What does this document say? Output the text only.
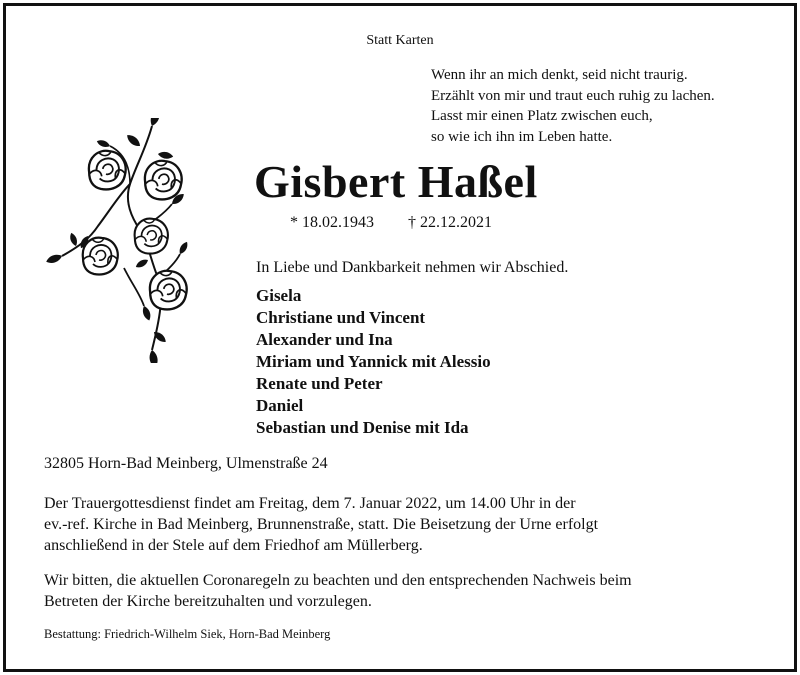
Statt Karten
Wenn ihr an mich denkt, seid nicht traurig.
Erzählt von mir und traut euch ruhig zu lachen.
Lasst mir einen Platz zwischen euch,
so wie ich ihn im Leben hatte.
Gisbert Haßel
* 18.02.1943 † 22.12.2021
In Liebe und Dankbarkeit nehmen wir Abschied.
Gisela
Christiane und Vincent
Alexander und Ina
Miriam und Yannick mit Alessio
Renate und Peter
Daniel
Sebastian und Denise mit Ida
32805 Horn-Bad Meinberg, Ulmenstraße 24
Der Trauergottesdienst findet am Freitag, dem 7. Januar 2022, um 14.00 Uhr in der
ev.-ref. Kirche in Bad Meinberg, Brunnenstraße, statt. Die Beisetzung der Urne erfolgt
anschließend in der Stele auf dem Friedhof am Müllerberg.
Wir bitten, die aktuellen Coronaregeln zu beachten und den entsprechenden Nachweis beim
Betreten der Kirche bereitzuhalten und vorzulegen.
Bestattung: Friedrich-Wilhelm Siek, Horn-Bad Meinberg
